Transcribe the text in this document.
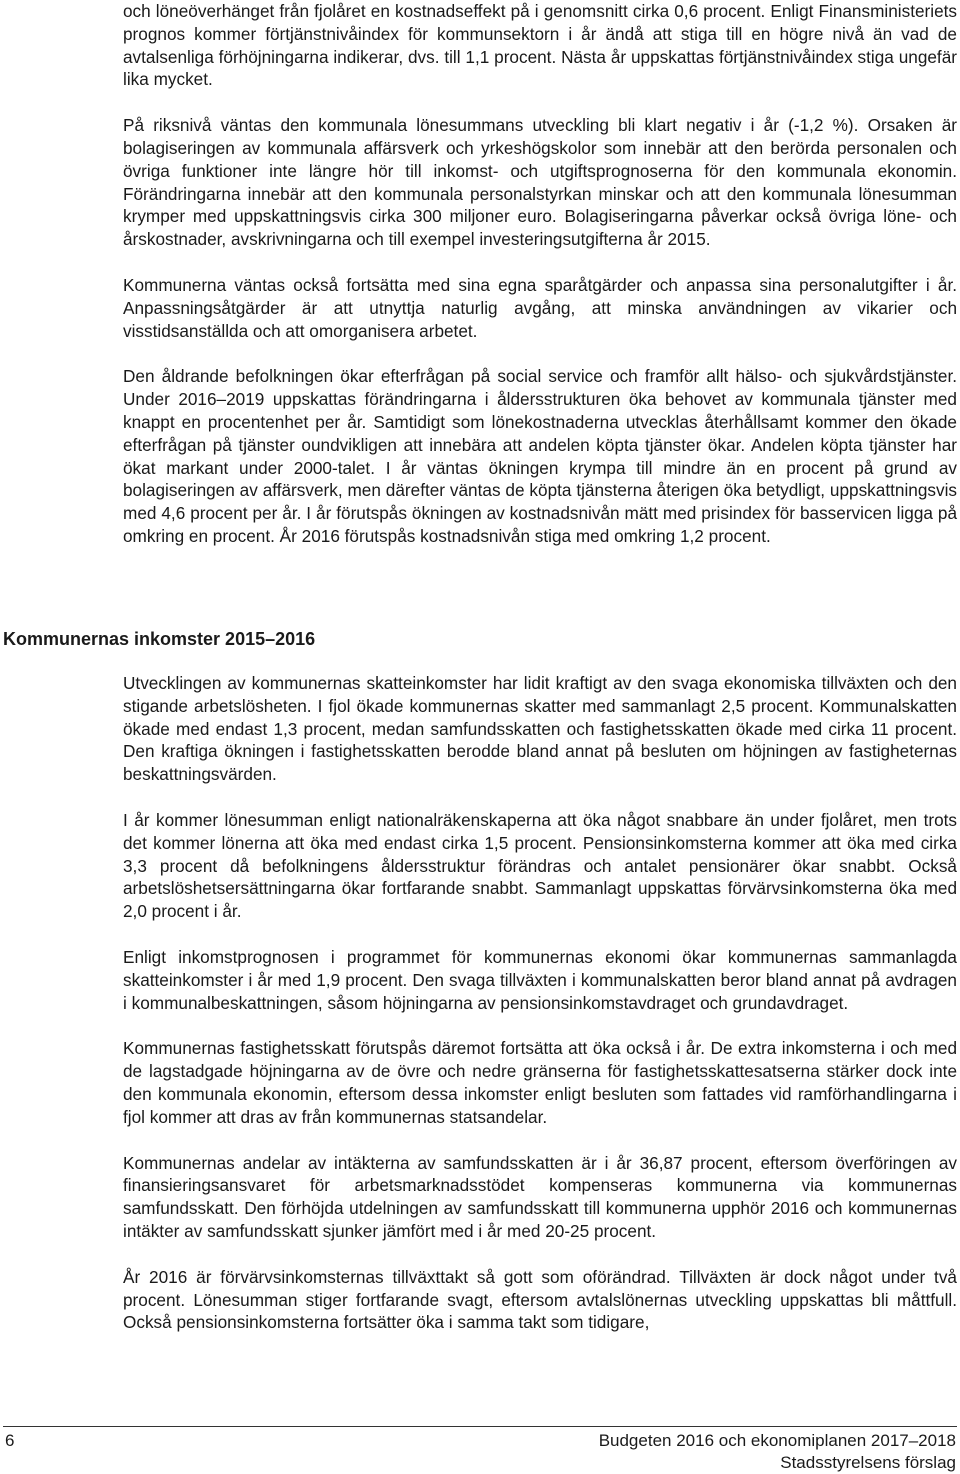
och löneöverhänget från fjolåret en kostnadseffekt på i genomsnitt cirka 0,6 procent. Enligt Finansministeriets prognos kommer förtjänstnivåindex för kommunsektorn i år ändå att stiga till en högre nivå än vad de avtalsenliga förhöjningarna indikerar, dvs. till 1,1 procent. Nästa år uppskattas förtjänstnivåindex stiga ungefär lika mycket.

På riksnivå väntas den kommunala lönesummans utveckling bli klart negativ i år (-1,2 %). Orsaken är bolagiseringen av kommunala affärsverk och yrkeshögskolor som innebär att den berörda personalen och övriga funktioner inte längre hör till inkomst- och utgiftsprognoserna för den kommunala ekonomin. Förändringarna innebär att den kommunala personalstyrkan minskar och att den kommunala lönesumman krymper med uppskattningsvis cirka 300 miljoner euro. Bolagiseringarna påverkar också övriga löne- och årskostnader, avskrivningarna och till exempel investeringsutgifterna år 2015.

Kommunerna väntas också fortsätta med sina egna sparåtgärder och anpassa sina personalutgifter i år. Anpassningsåtgärder är att utnyttja naturlig avgång, att minska användningen av vikarier och visstidsanställda och att omorganisera arbetet.

Den åldrande befolkningen ökar efterfrågan på social service och framför allt hälso- och sjukvårdstjänster. Under 2016–2019 uppskattas förändringarna i åldersstrukturen öka behovet av kommunala tjänster med knappt en procentenhet per år. Samtidigt som lönekostnaderna utvecklas återhållsamt kommer den ökade efterfrågan på tjänster oundvikligen att innebära att andelen köpta tjänster ökar. Andelen köpta tjänster har ökat markant under 2000-talet. I år väntas ökningen krympa till mindre än en procent på grund av bolagiseringen av affärsverk, men därefter väntas de köpta tjänsterna återigen öka betydligt, uppskattningsvis med 4,6 procent per år. I år förutspås ökningen av kostnadsnivån mätt med prisindex för basservicen ligga på omkring en procent. År 2016 förutspås kostnadsnivån stiga med omkring 1,2 procent.

Kommunernas inkomster 2015–2016

Utvecklingen av kommunernas skatteinkomster har lidit kraftigt av den svaga ekonomiska tillväxten och den stigande arbetslösheten. I fjol ökade kommunernas skatter med sammanlagt 2,5 procent. Kommunalskatten ökade med endast 1,3 procent, medan samfundsskatten och fastighetsskatten ökade med cirka 11 procent. Den kraftiga ökningen i fastighetsskatten berodde bland annat på besluten om höjningen av fastigheternas beskattningsvärden.

I år kommer lönesumman enligt nationalräkenskaperna att öka något snabbare än under fjolåret, men trots det kommer lönerna att öka med endast cirka 1,5 procent. Pensionsinkomsterna kommer att öka med cirka 3,3 procent då befolkningens åldersstruktur förändras och antalet pensionärer ökar snabbt. Också arbetslöshetsersättningarna ökar fortfarande snabbt. Sammanlagt uppskattas förvärvsinkomsterna öka med 2,0 procent i år.

Enligt inkomstprognosen i programmet för kommunernas ekonomi ökar kommunernas sammanlagda skatteinkomster i år med 1,9 procent. Den svaga tillväxten i kommunalskatten beror bland annat på avdragen i kommunalbeskattningen, såsom höjningarna av pensionsinkomstavdraget och grundavdraget.

Kommunernas fastighetsskatt förutspås däremot fortsätta att öka också i år. De extra inkomsterna i och med de lagstadgade höjningarna av de övre och nedre gränserna för fastighetsskattesatserna stärker dock inte den kommunala ekonomin, eftersom dessa inkomster enligt besluten som fattades vid ramförhandlingarna i fjol kommer att dras av från kommunernas statsandelar.

Kommunernas andelar av intäkterna av samfundsskatten är i år 36,87 procent, eftersom överföringen av finansieringsansvaret för arbetsmarknadsstödet kompenseras kommunerna via kommunernas samfundsskatt. Den förhöjda utdelningen av samfundsskatt till kommunerna upphör 2016 och kommunernas intäkter av samfundsskatt sjunker jämfört med i år med 20-25 procent.

År 2016 är förvärvsinkomsternas tillväxttakt så gott som oförändrad. Tillväxten är dock något under två procent. Lönesumman stiger fortfarande svagt, eftersom avtalslönernas utveckling uppskattas bli måttfull. Också pensionsinkomsterna fortsätter öka i samma takt som tidigare,

6	Budgeten 2016 och ekonomiplanen 2017–2018
Stadsstyrelsens förslag
